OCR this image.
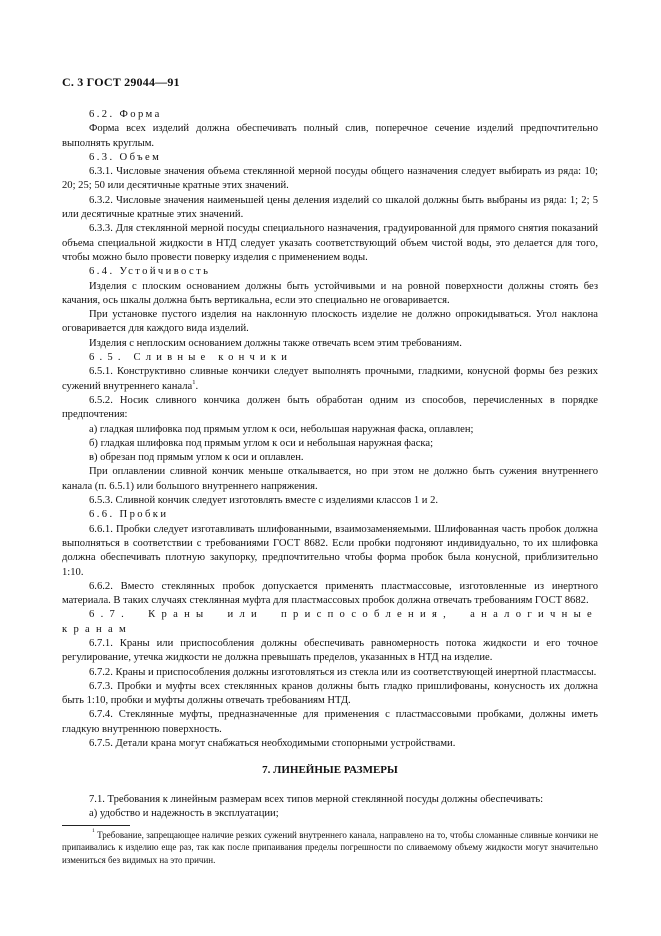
С. 3 ГОСТ 29044—91

6.2. Форма

Форма всех изделий должна обеспечивать полный слив, поперечное сечение изделий предпочтительно выполнять круглым.

6.3. Объем

6.3.1. Числовые значения объема стеклянной мерной посуды общего назначения следует выбирать из ряда: 10; 20; 25; 50 или десятичные кратные этих значений.

6.3.2. Числовые значения наименьшей цены деления изделий со шкалой должны быть выбраны из ряда: 1; 2; 5 или десятичные кратные этих значений.

6.3.3. Для стеклянной мерной посуды специального назначения, градуированной для прямого снятия показаний объема специальной жидкости в НТД следует указать соответствующий объем чистой воды, это делается для того, чтобы можно было провести поверку изделия с применением воды.

6.4. Устойчивость

Изделия с плоским основанием должны быть устойчивыми и на ровной поверхности должны стоять без качания, ось шкалы должна быть вертикальна, если это специально не оговаривается.

При установке пустого изделия на наклонную плоскость изделие не должно опрокидываться. Угол наклона оговаривается для каждого вида изделий.

Изделия с неплоским основанием должны также отвечать всем этим требованиям.

6.5. Сливные кончики

6.5.1. Конструктивно сливные кончики следует выполнять прочными, гладкими, конусной формы без резких сужений внутреннего канала$^1$.

6.5.2. Носик сливного кончика должен быть обработан одним из способов, перечисленных в порядке предпочтения:

а) гладкая шлифовка под прямым углом к оси, небольшая наружная фаска, оплавлен;

б) гладкая шлифовка под прямым углом к оси и небольшая наружная фаска;

в) обрезан под прямым углом к оси и оплавлен.

При оплавлении сливной кончик меньше откалывается, но при этом не должно быть сужения внутреннего канала (п. 6.5.1) или большого внутреннего напряжения.

6.5.3. Сливной кончик следует изготовлять вместе с изделиями классов 1 и 2.

6.6. Пробки

6.6.1. Пробки следует изготавливать шлифованными, взаимозаменяемыми. Шлифованная часть пробок должна выполняться в соответствии с требованиями ГОСТ 8682. Если пробки подгоняют индивидуально, то их шлифовка должна обеспечивать плотную закупорку, предпочтительно чтобы форма пробок была конусной, приблизительно 1:10.

6.6.2. Вместо стеклянных пробок допускается применять пластмассовые, изготовленные из инертного материала. В таких случаях стеклянная муфта для пластмассовых пробок должна отвечать требованиям ГОСТ 8682.

6.7. Краны или приспособления, аналогичные кранам

6.7.1. Краны или приспособления должны обеспечивать равномерность потока жидкости и его точное регулирование, утечка жидкости не должна превышать пределов, указанных в НТД на изделие.

6.7.2. Краны и приспособления должны изготовляться из стекла или из соответствующей инертной пластмассы.

6.7.3. Пробки и муфты всех стеклянных кранов должны быть гладко пришлифованы, конусность их должна быть 1:10, пробки и муфты должны отвечать требованиям НТД.

6.7.4. Стеклянные муфты, предназначенные для применения с пластмассовыми пробками, должны иметь гладкую внутреннюю поверхность.

6.7.5. Детали крана могут снабжаться необходимыми стопорными устройствами.

7. ЛИНЕЙНЫЕ РАЗМЕРЫ

7.1. Требования к линейным размерам всех типов мерной стеклянной посуды должны обеспечивать:

а) удобство и надежность в эксплуатации;

$^1$ Требование, запрещающее наличие резких сужений внутреннего канала, направлено на то, чтобы сломанные сливные кончики не припаивались к изделию еще раз, так как после припаивания пределы погрешности по сливаемому объему жидкости могут значительно измениться без видимых на это причин.
